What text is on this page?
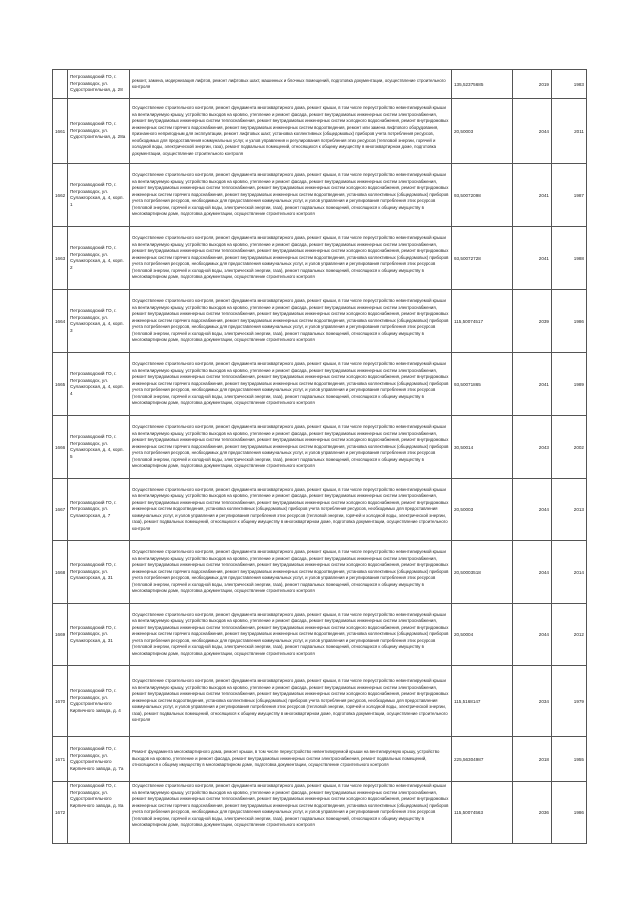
	Петрозаводский ГО, г. Петрозаводск, ул. Судостроительная, д. 28	ремонт, замена, модернизация лифтов, ремонт лифтовых шахт, машинных и блочных помещений, подготовка документации, осуществление строительного контроля	135,52375685	2019	1983
1661	Петрозаводский ГО, г. Петрозаводск, ул. Судостроительная, д. 28а	Осуществление строительного контроля, ремонт фундамента многоквартирного дома, ремонт крыши, в том числе переустройство невентилируемой крыши на вентилируемую крышу, устройство выходов на кровлю, утепление и ремонт фасада, ремонт внутридомовых инженерных систем электроснабжения, ремонт внутридомовых инженерных систем теплоснабжения, ремонт внутридомовых инженерных систем холодного водоснабжения, ремонт внутридомовых инженерных систем горячего водоснабжения, ремонт внутридомовых инженерных систем водоотведения, ремонт или замена лифтового оборудования, признанного непригодным для эксплуатации, ремонт лифтовых шахт, установка коллективных (общедомовых) приборов учета потребления ресурсов, необходимых для предоставления коммунальных услуг, и узлов управления и регулирования потребления этих ресурсов (тепловой энергии, горячей и холодной воды, электрической энергии, газа), ремонт подвальных помещений, относящихся к общему имуществу в многоквартирном доме, подготовка документации, осуществление строительного контроля	20,50003	2044	2011
1662	Петрозаводский ГО, г. Петрозаводск, ул. Сулажгорская, д. 4, корп. 1	Осуществление строительного контроля, ремонт фундамента многоквартирного дома, ремонт крыши, в том числе переустройство невентилируемой крыши на вентилируемую крышу, устройство выходов на кровлю, утепление и ремонт фасада, ремонт внутридомовых инженерных систем электроснабжения, ремонт внутридомовых инженерных систем теплоснабжения, ремонт внутридомовых инженерных систем холодного водоснабжения, ремонт внутридомовых инженерных систем горячего водоснабжения, ремонт внутридомовых инженерных систем водоотведения, установка коллективных (общедомовых) приборов учета потребления ресурсов, необходимых для предоставления коммунальных услуг, и узлов управления и регулирования потребления этих ресурсов (тепловой энергии, горячей и холодной воды, электрической энергии, газа), ремонт подвальных помещений, относящихся к общему имуществу в многоквартирном доме, подготовка документации, осуществление строительного контроля	93,50072098	2041	1987
1663	Петрозаводский ГО, г. Петрозаводск, ул. Сулажгорская, д. 4, корп. 2	Осуществление строительного контроля, ремонт фундамента многоквартирного дома, ремонт крыши, в том числе переустройство невентилируемой крыши на вентилируемую крышу, устройство выходов на кровлю, утепление и ремонт фасада, ремонт внутридомовых инженерных систем электроснабжения, ремонт внутридомовых инженерных систем теплоснабжения, ремонт внутридомовых инженерных систем холодного водоснабжения, ремонт внутридомовых инженерных систем горячего водоснабжения, ремонт внутридомовых инженерных систем водоотведения, установка коллективных (общедомовых) приборов учета потребления ресурсов, необходимых для предоставления коммунальных услуг, и узлов управления и регулирования потребления этих ресурсов (тепловой энергии, горячей и холодной воды, электрической энергии, газа), ремонт подвальных помещений, относящихся к общему имуществу в многоквартирном доме, подготовка документации, осуществление строительного контроля	93,50072728	2041	1988
1664	Петрозаводский ГО, г. Петрозаводск, ул. Сулажгорская, д. 4, корп. 3	Осуществление строительного контроля, ремонт фундамента многоквартирного дома, ремонт крыши, в том числе переустройство невентилируемой крыши на вентилируемую крышу, устройство выходов на кровлю, утепление и ремонт фасада, ремонт внутридомовых инженерных систем электроснабжения, ремонт внутридомовых инженерных систем теплоснабжения, ремонт внутридомовых инженерных систем холодного водоснабжения, ремонт внутридомовых инженерных систем горячего водоснабжения, ремонт внутридомовых инженерных систем водоотведения, установка коллективных (общедомовых) приборов учета потребления ресурсов, необходимых для предоставления коммунальных услуг, и узлов управления и регулирования потребления этих ресурсов (тепловой энергии, горячей и холодной воды, электрической энергии, газа), ремонт подвальных помещений, относящихся к общему имуществу в многоквартирном доме, подготовка документации, осуществление строительного контроля	115,50074517	2039	1986
1665	Петрозаводский ГО, г. Петрозаводск, ул. Сулажгорская, д. 4, корп. 4	Осуществление строительного контроля, ремонт фундамента многоквартирного дома, ремонт крыши, в том числе переустройство невентилируемой крыши на вентилируемую крышу, устройство выходов на кровлю, утепление и ремонт фасада, ремонт внутридомовых инженерных систем электроснабжения, ремонт внутридомовых инженерных систем теплоснабжения, ремонт внутридомовых инженерных систем холодного водоснабжения, ремонт внутридомовых инженерных систем горячего водоснабжения, ремонт внутридомовых инженерных систем водоотведения, установка коллективных (общедомовых) приборов учета потребления ресурсов, необходимых для предоставления коммунальных услуг, и узлов управления и регулирования потребления этих ресурсов (тепловой энергии, горячей и холодной воды, электрической энергии, газа), ремонт подвальных помещений, относящихся к общему имуществу в многоквартирном доме, подготовка документации, осуществление строительного контроля	93,50071865	2041	1989
1666	Петрозаводский ГО, г. Петрозаводск, ул. Сулажгорская, д. 4, корп. 5	Осуществление строительного контроля, ремонт фундамента многоквартирного дома, ремонт крыши, в том числе переустройство невентилируемой крыши на вентилируемую крышу, устройство выходов на кровлю, утепление и ремонт фасада, ремонт внутридомовых инженерных систем электроснабжения, ремонт внутридомовых инженерных систем теплоснабжения, ремонт внутридомовых инженерных систем холодного водоснабжения, ремонт внутридомовых инженерных систем горячего водоснабжения, ремонт внутридомовых инженерных систем водоотведения, установка коллективных (общедомовых) приборов учета потребления ресурсов, необходимых для предоставления коммунальных услуг, и узлов управления и регулирования потребления этих ресурсов (тепловой энергии, горячей и холодной воды, электрической энергии, газа), ремонт подвальных помещений, относящихся к общему имуществу в многоквартирном доме, подготовка документации, осуществление строительного контроля	30,50014	2043	2002
1667	Петрозаводский ГО, г. Петрозаводск, ул. Сулажгорская, д. 7	Осуществление строительного контроля, ремонт фундамента многоквартирного дома, ремонт крыши, в том числе переустройство невентилируемой крыши на вентилируемую крышу, устройство выходов на кровлю, утепление и ремонт фасада, ремонт внутридомовых инженерных систем электроснабжения, ремонт внутридомовых инженерных систем теплоснабжения, ремонт внутридомовых инженерных систем холодного водоснабжения, ремонт внутридомовых инженерных систем водоотведения, установка коллективных (общедомовых) приборов учета потребления ресурсов, необходимых для предоставления коммунальных услуг, и узлов управления и регулирования потребления этих ресурсов (тепловой энергии, горячей и холодной воды, электрической энергии, газа), ремонт подвальных помещений, относящихся к общему имуществу в многоквартирном доме, подготовка документации, осуществление строительного контроля	20,50003	2044	2013
1668	Петрозаводский ГО, г. Петрозаводск, ул. Сулажгорская, д. 31	Осуществление строительного контроля, ремонт фундамента многоквартирного дома, ремонт крыши, в том числе переустройство невентилируемой крыши на вентилируемую крышу, устройство выходов на кровлю, утепление и ремонт фасада, ремонт внутридомовых инженерных систем электроснабжения, ремонт внутридомовых инженерных систем теплоснабжения, ремонт внутридомовых инженерных систем холодного водоснабжения, ремонт внутридомовых инженерных систем горячего водоснабжения, ремонт внутридомовых инженерных систем водоотведения, установка коллективных (общедомовых) приборов учета потребления ресурсов, необходимых для предоставления коммунальных услуг, и узлов управления и регулирования потребления этих ресурсов (тепловой энергии, горячей и холодной воды, электрической энергии, газа), ремонт подвальных помещений, относящихся к общему имуществу в многоквартирном доме, подготовка документации, осуществление строительного контроля	20,50003518	2044	2014
1669	Петрозаводский ГО, г. Петрозаводск, ул. Сулажгорская, д. 31	Осуществление строительного контроля, ремонт фундамента многоквартирного дома, ремонт крыши, в том числе переустройство невентилируемой крыши на вентилируемую крышу, устройство выходов на кровлю, утепление и ремонт фасада, ремонт внутридомовых инженерных систем электроснабжения, ремонт внутридомовых инженерных систем теплоснабжения, ремонт внутридомовых инженерных систем холодного водоснабжения, ремонт внутридомовых инженерных систем горячего водоснабжения, ремонт внутридомовых инженерных систем водоотведения, установка коллективных (общедомовых) приборов учета потребления ресурсов, необходимых для предоставления коммунальных услуг, и узлов управления и регулирования потребления этих ресурсов (тепловой энергии, горячей и холодной воды, электрической энергии, газа), ремонт подвальных помещений, относящихся к общему имуществу в многоквартирном доме, подготовка документации, осуществление строительного контроля	20,50004	2044	2012
1670	Петрозаводский ГО, г. Петрозаводск, ул. Судостроительного Кирпичного завода, д. 4	Осуществление строительного контроля, ремонт фундамента многоквартирного дома, ремонт крыши, в том числе переустройство невентилируемой крыши на вентилируемую крышу, устройство выходов на кровлю, утепление и ремонт фасада, ремонт внутридомовых инженерных систем электроснабжения, ремонт внутридомовых инженерных систем теплоснабжения, ремонт внутридомовых инженерных систем холодного водоснабжения, ремонт внутридомовых инженерных систем водоотведения, установка коллективных (общедомовых) приборов учета потребления ресурсов, необходимых для предоставления коммунальных услуг, и узлов управления и регулирования потребления этих ресурсов (тепловой энергии, горячей и холодной воды, электрической энергии, газа), ремонт подвальных помещений, относящихся к общему имуществу в многоквартирном доме, подготовка документации, осуществление строительного контроля	115,5168147	2034	1979
1671	Петрозаводский ГО, г. Петрозаводск, ул. Судостроительного Кирпичного завода, д. 7а	Ремонт фундамента многоквартирного дома, ремонт крыши, в том числе переустройство невентилируемой крыши на вентилируемую крышу, устройство выходов на кровлю, утепление и ремонт фасада, ремонт внутридомовых инженерных систем электроснабжения, ремонт подвальных помещений, относящихся к общему имуществу в многоквартирном доме, подготовка документации, осуществление строительного контроля	225,56304987	2018	1955
1672	Петрозаводский ГО, г. Петрозаводск, ул. Судостроительного Кирпичного завода, д. 8а	Осуществление строительного контроля, ремонт фундамента многоквартирного дома, ремонт крыши, в том числе переустройство невентилируемой крыши на вентилируемую крышу, устройство выходов на кровлю, утепление и ремонт фасада, ремонт внутридомовых инженерных систем электроснабжения, ремонт внутридомовых инженерных систем теплоснабжения, ремонт внутридомовых инженерных систем холодного водоснабжения, ремонт внутридомовых инженерных систем горячего водоснабжения, ремонт внутридомовых инженерных систем водоотведения, установка коллективных (общедомовых) приборов учета потребления ресурсов, необходимых для предоставления коммунальных услуг, и узлов управления и регулирования потребления этих ресурсов (тепловой энергии, горячей и холодной воды, электрической энергии, газа), ремонт подвальных помещений, относящихся к общему имуществу в многоквартирном доме, подготовка документации, осуществление строительного контроля	115,50074563	2036	1986
